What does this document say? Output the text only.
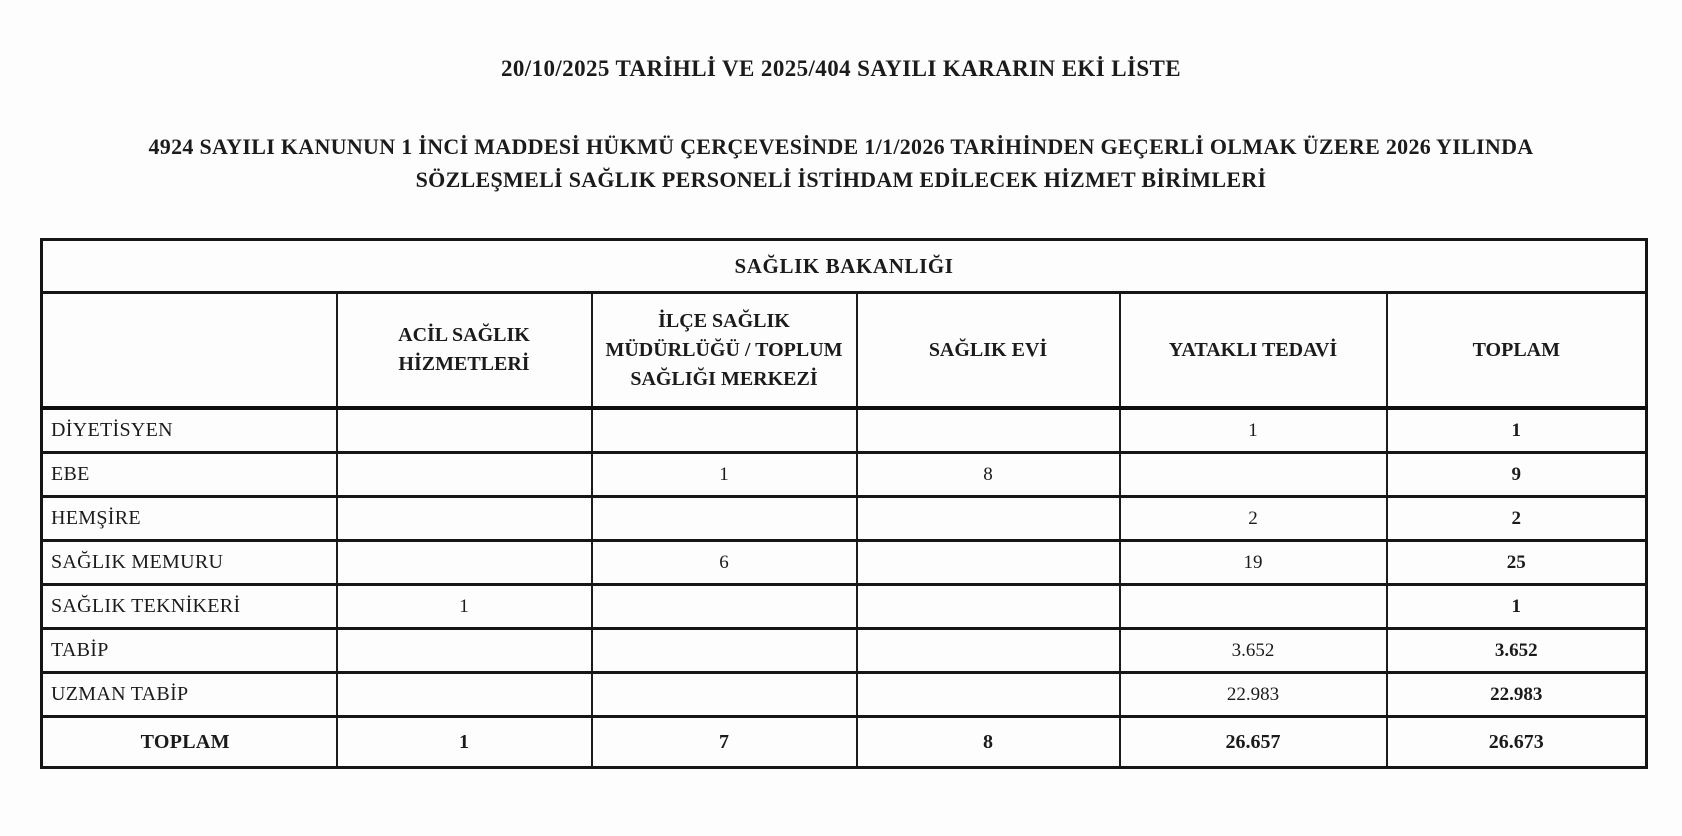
20/10/2025 TARİHLİ VE 2025/404 SAYILI KARARIN EKİ LİSTE
4924 SAYILI KANUNUN 1 İNCİ MADDESİ HÜKMÜ ÇERÇEVESİNDE 1/1/2026 TARİHİNDEN GEÇERLİ OLMAK ÜZERE 2026 YILINDA SÖZLEŞMELİ SAĞLIK PERSONELİ İSTİHDAM EDİLECEK HİZMET BİRİMLERİ
SAĞLIK BAKANLIĞI					
	ACİL SAĞLIK HİZMETLERİ	İLÇE SAĞLIK MÜDÜRLÜĞÜ / TOPLUM SAĞLIĞI MERKEZİ	SAĞLIK EVİ	YATAKLI TEDAVİ	TOPLAM
DİYETİSYEN				1	1
EBE		1	8		9
HEMŞİRE				2	2
SAĞLIK MEMURU		6		19	25
SAĞLIK TEKNİKERİ	1				1
TABİP				3.652	3.652
UZMAN TABİP				22.983	22.983
TOPLAM	1	7	8	26.657	26.673
